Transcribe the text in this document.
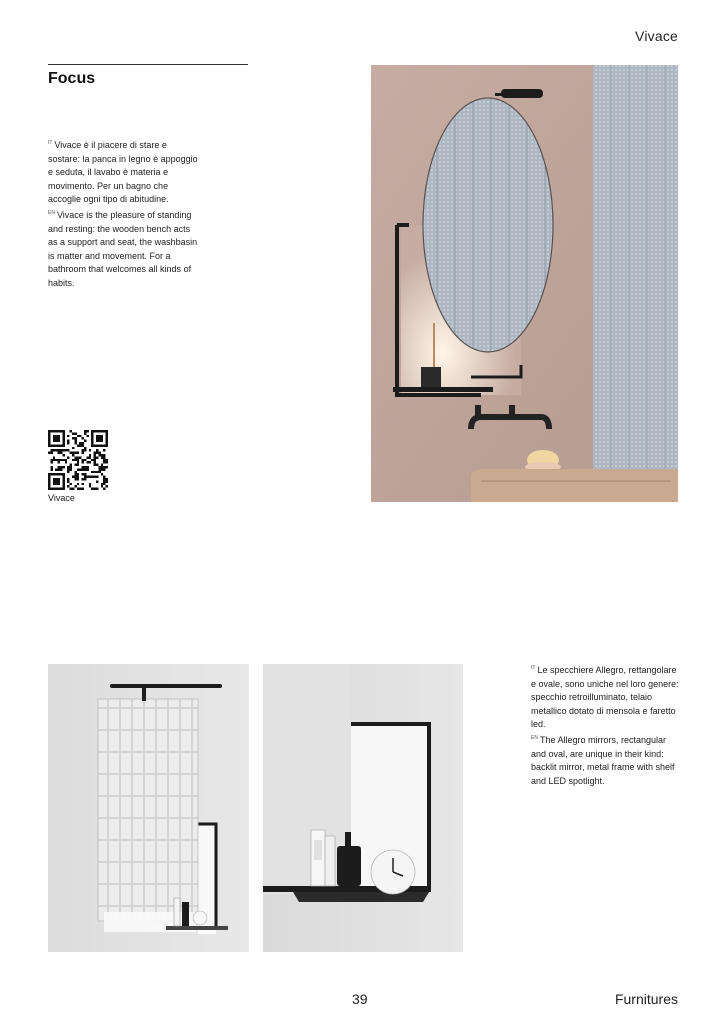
Vivace
Focus
$^{IT}$ Vivace è il piacere di stare e sostare: la panca in legno è appoggio e seduta, il lavabo è materia e movimento. Per un bagno che accoglie ogni tipo di abitudine.
$^{EN}$ Vivace is the pleasure of standing and resting: the wooden bench acts as a support and seat, the washbasin is matter and movement. For a bathroom that welcomes all kinds of habits.
Vivace
$^{IT}$ Le specchiere Allegro, rettangolare e ovale, sono uniche nel loro genere: specchio retroilluminato, telaio metallico dotato di mensola e faretto led.
$^{EN}$ The Allegro mirrors, rectangular and oval, are unique in their kind: backlit mirror, metal frame with shelf and LED spotlight.
39	Furnitures
